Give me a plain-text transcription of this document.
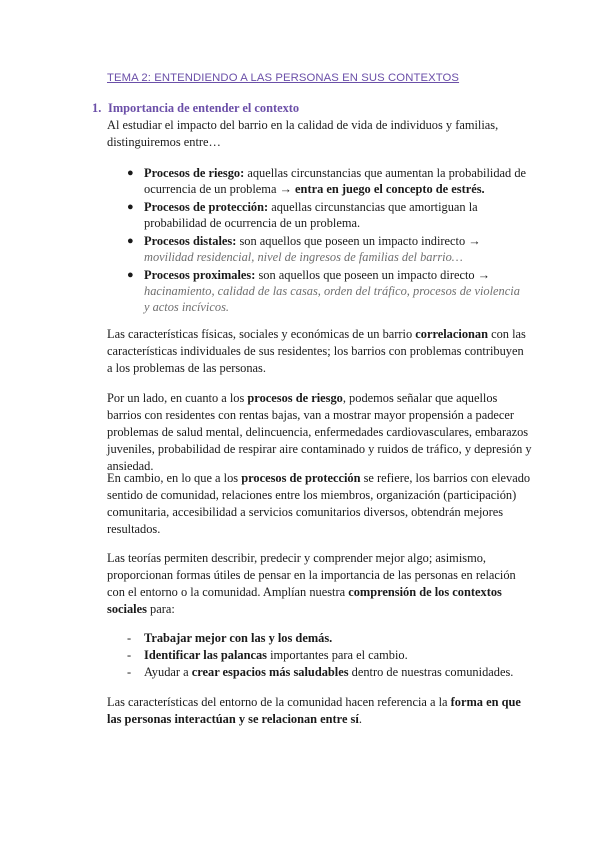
TEMA 2: ENTENDIENDO A LAS PERSONAS EN SUS CONTEXTOS
1. Importancia de entender el contexto

Al estudiar el impacto del barrio en la calidad de vida de individuos y familias, distinguiremos entre…

● Procesos de riesgo: aquellas circunstancias que aumentan la probabilidad de ocurrencia de un problema → entra en juego el concepto de estrés.
● Procesos de protección: aquellas circunstancias que amortiguan la probabilidad de ocurrencia de un problema.
● Procesos distales: son aquellos que poseen un impacto indirecto → movilidad residencial, nivel de ingresos de familias del barrio…
● Procesos proximales: son aquellos que poseen un impacto directo → hacinamiento, calidad de las casas, orden del tráfico, procesos de violencia y actos incívicos.

Las características físicas, sociales y económicas de un barrio correlacionan con las características individuales de sus residentes; los barrios con problemas contribuyen a los problemas de las personas.

Por un lado, en cuanto a los procesos de riesgo, podemos señalar que aquellos barrios con residentes con rentas bajas, van a mostrar mayor propensión a padecer problemas de salud mental, delincuencia, enfermedades cardiovasculares, embarazos juveniles, probabilidad de respirar aire contaminado y ruidos de tráfico, y depresión y ansiedad.

En cambio, en lo que a los procesos de protección se refiere, los barrios con elevado sentido de comunidad, relaciones entre los miembros, organización (participación) comunitaria, accesibilidad a servicios comunitarios diversos, obtendrán mejores resultados.

Las teorías permiten describir, predecir y comprender mejor algo; asimismo, proporcionan formas útiles de pensar en la importancia de las personas en relación con el entorno o la comunidad. Amplían nuestra comprensión de los contextos sociales para:

- Trabajar mejor con las y los demás.
- Identificar las palancas importantes para el cambio.
- Ayudar a crear espacios más saludables dentro de nuestras comunidades.

Las características del entorno de la comunidad hacen referencia a la forma en que las personas interactúan y se relacionan entre sí.
